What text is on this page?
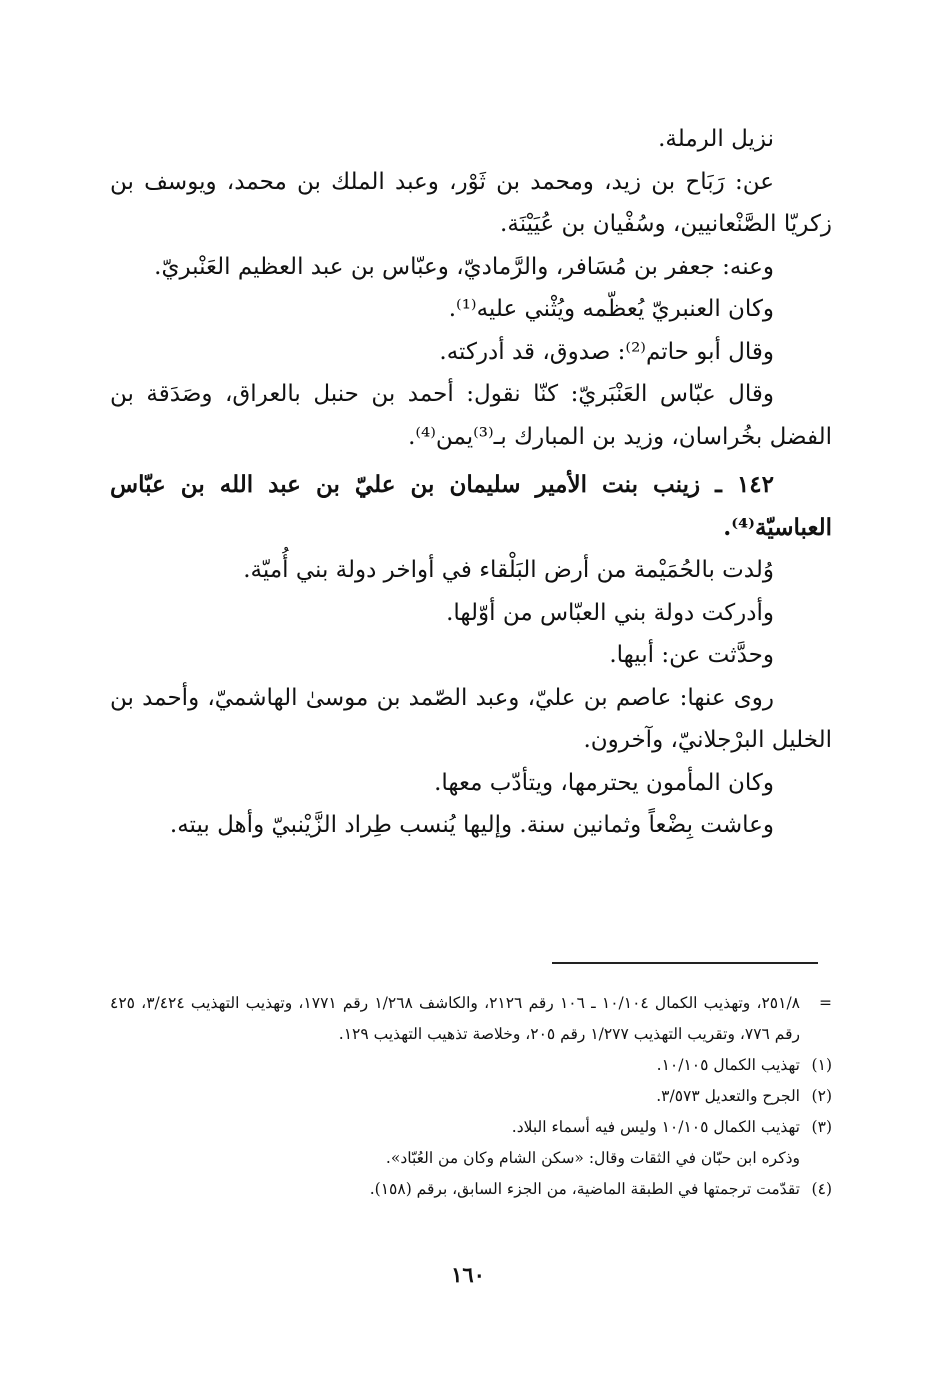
نزيل الرملة.

عن: رَبَاح بن زيد، ومحمد بن ثَوْر، وعبد الملك بن محمد، ويوسف بن زكريّا الصَّنْعانيين، وسُفْيان بن عُيَيْنَة.

وعنه: جعفر بن مُسَافر، والرَّماديّ، وعبّاس بن عبد العظيم العَنْبريّ.

وكان العنبريّ يُعظّمه ويُثْني عليه⁽¹⁾.

وقال أبو حاتم⁽²⁾: صدوق، قد أدركته.

وقال عبّاس العَنْبَريّ: كنّا نقول: أحمد بن حنبل بالعراق، وصَدَقة بن الفضل بخُراسان، وزيد بن المبارك بـ⁽³⁾يمن⁽⁴⁾.

١٤٢ ـ زينب بنت الأمير سليمان بن عليّ بن عبد الله بن عبّاس العباسيّة⁽⁴⁾.

وُلدت بالحُمَيْمة من أرض البَلْقاء في أواخر دولة بني أُميّة.

وأدركت دولة بني العبّاس من أوّلها.

وحدَّثت عن: أبيها.

روى عنها: عاصم بن عليّ، وعبد الصّمد بن موسىٰ الهاشميّ، وأحمد بن الخليل البرْجلانيّ، وآخرون.

وكان المأمون يحترمها، ويتأدّب معها.

وعاشت بِضْعاً وثمانين سنة. وإليها يُنسب طِراد الزَّيْنبيّ وأهل بيته.

=
٢٥١/٨، وتهذيب الكمال ١٠/١٠٤ ـ ١٠٦ رقم ٢١٢٦، والكاشف ١/٢٦٨ رقم ١٧٧١، وتهذيب التهذيب ٣/٤٢٤، ٤٢٥ رقم ٧٧٦، وتقريب التهذيب ١/٢٧٧ رقم ٢٠٥، وخلاصة تذهيب التهذيب ١٢٩.
(١)
تهذيب الكمال ١٠/١٠٥.
(٢)
الجرح والتعديل ٣/٥٧٣.
(٣)
تهذيب الكمال ١٠/١٠٥ وليس فيه أسماء البلاد.

وذكره ابن حبّان في الثقات وقال: «سكن الشام وكان من العُبّاد».

(٤)
تقدّمت ترجمتها في الطبقة الماضية، من الجزء السابق، برقم (١٥٨).
١٦٠
